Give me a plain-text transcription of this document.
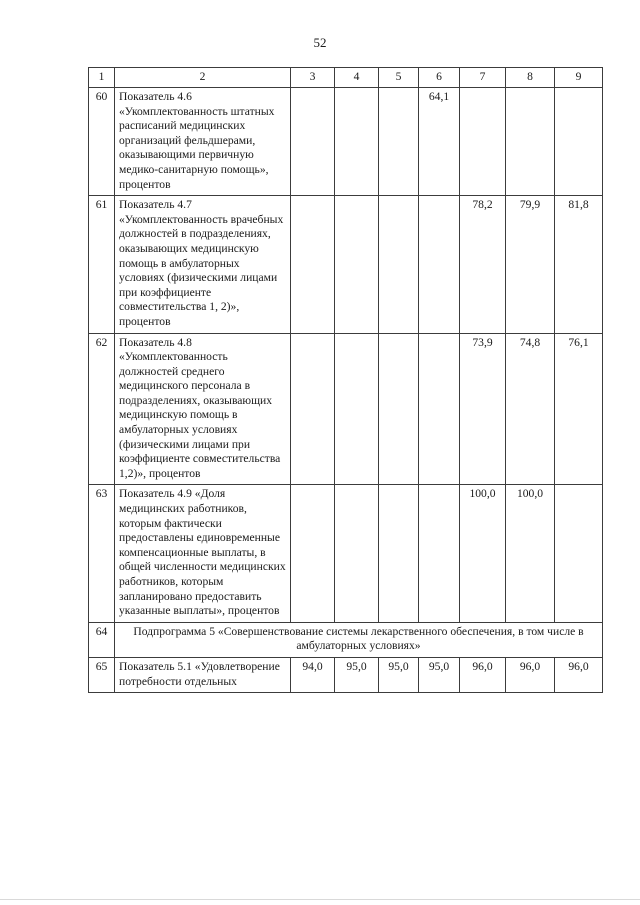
52
1	2	3	4	5	6	7	8	9
60	Показатель 4.6 «Укомплектованность штатных расписаний медицинских организаций фельдшерами, оказывающими первичную медико-санитарную помощь», процентов				64,1			
61	Показатель 4.7 «Укомплектованность врачебных должностей в подразделениях, оказывающих медицинскую помощь в амбулаторных условиях (физическими лицами при коэффициенте совместительства 1, 2)», процентов					78,2	79,9	81,8
62	Показатель 4.8 «Укомплектованность должностей среднего медицинского персонала в подразделениях, оказывающих медицинскую помощь в амбулаторных условиях (физическими лицами при коэффициенте совместительства 1,2)», процентов					73,9	74,8	76,1
63	Показатель 4.9 «Доля медицинских работников, которым фактически предоставлены единовременные компенсационные выплаты, в общей численности медицинских работников, которым запланировано предоставить указанные выплаты», процентов					100,0	100,0	
64	Подпрограмма 5 «Совершенствование системы лекарственного обеспечения, в том числе в амбулаторных условиях»							
65	Показатель 5.1 «Удовлетворение потребности отдельных	94,0	95,0	95,0	95,0	96,0	96,0	96,0
